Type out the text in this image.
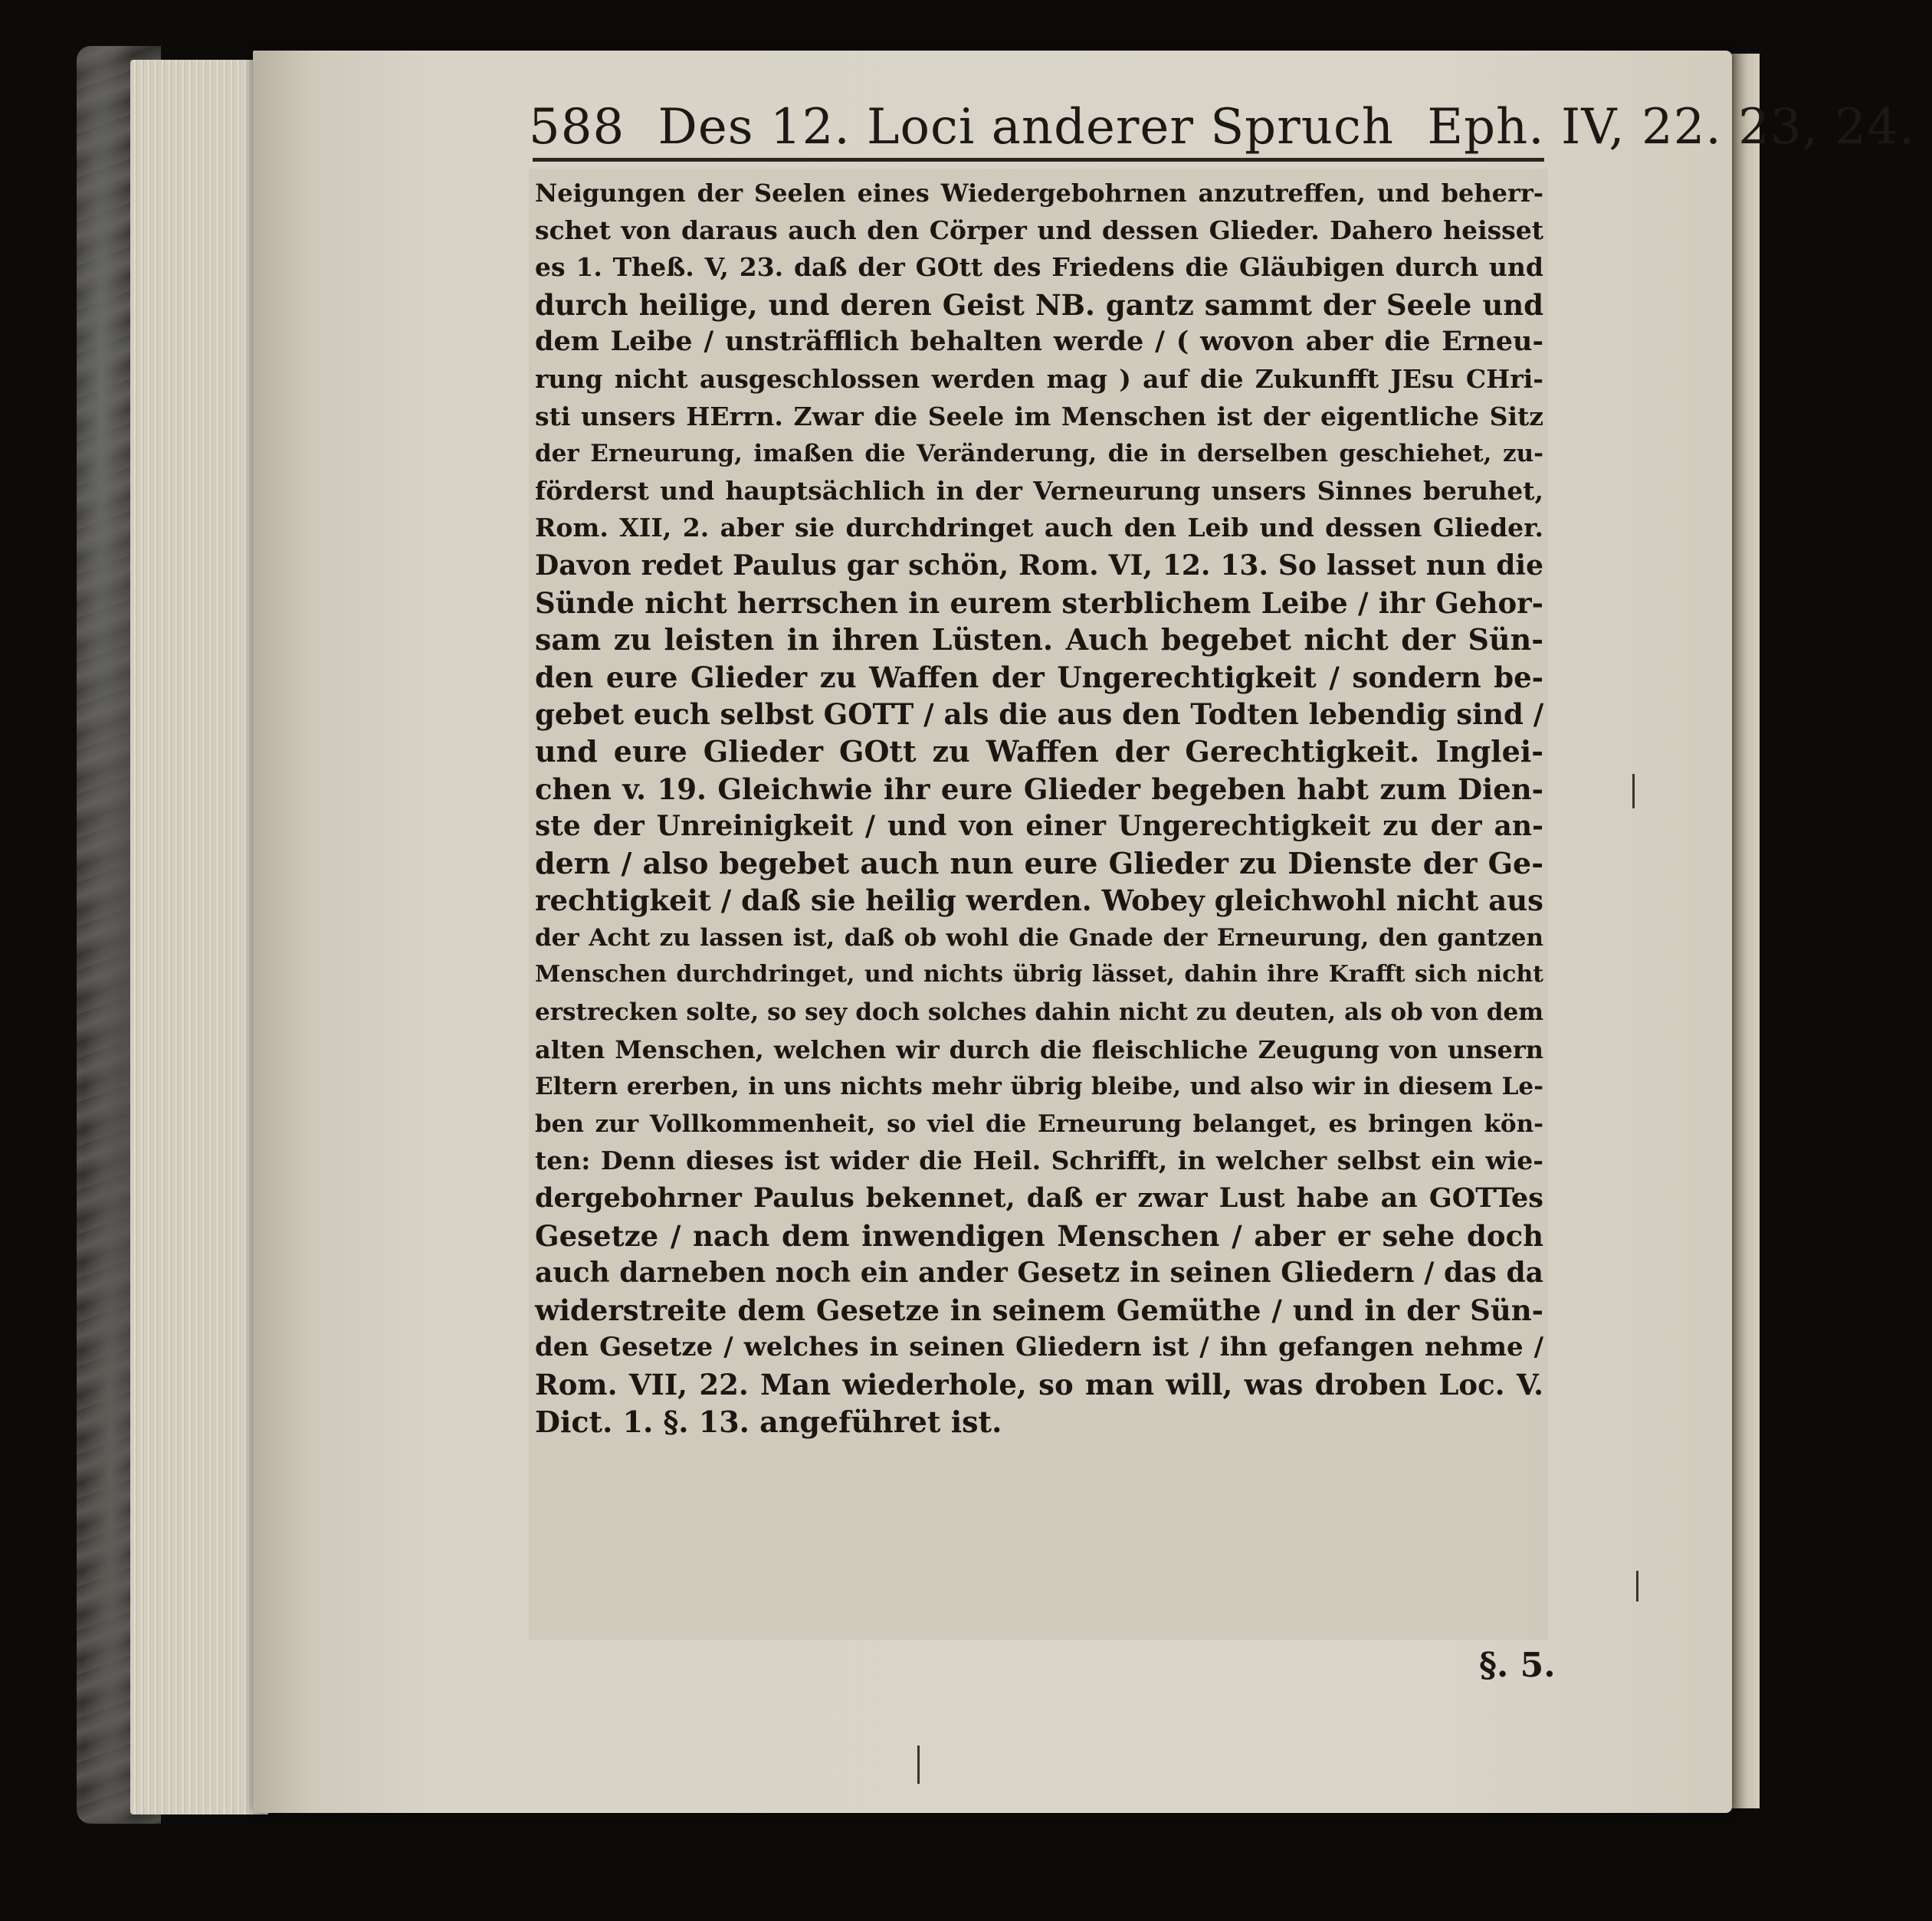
588 Des 12. Loci anderer Spruch Eph. IV, 22. 23, 24.
Neigungen der Seelen eines Wiedergebohrnen anzutreffen, und beherr-
schet von daraus auch den Cörper und dessen Glieder. Dahero heisset
es 1. Theß. V, 23. daß der GOtt des Friedens die Gläubigen durch und
durch heilige, und deren Geist NB. gantz sammt der Seele und
dem Leibe / unsträfflich behalten werde / ( wovon aber die Erneu-
rung nicht ausgeschlossen werden mag ) auf die Zukunfft JEsu CHri-
sti unsers HErrn. Zwar die Seele im Menschen ist der eigentliche Sitz
der Erneurung, imaßen die Veränderung, die in derselben geschiehet, zu-
förderst und hauptsächlich in der Verneurung unsers Sinnes beruhet,
Rom. XII, 2. aber sie durchdringet auch den Leib und dessen Glieder.
Davon redet Paulus gar schön, Rom. VI, 12. 13. So lasset nun die
Sünde nicht herrschen in eurem sterblichem Leibe / ihr Gehor-
sam zu leisten in ihren Lüsten. Auch begebet nicht der Sün-
den eure Glieder zu Waffen der Ungerechtigkeit / sondern be-
gebet euch selbst GOTT / als die aus den Todten lebendig sind /
und eure Glieder GOtt zu Waffen der Gerechtigkeit. Inglei-
chen v. 19. Gleichwie ihr eure Glieder begeben habt zum Dien-
ste der Unreinigkeit / und von einer Ungerechtigkeit zu der an-
dern / also begebet auch nun eure Glieder zu Dienste der Ge-
rechtigkeit / daß sie heilig werden. Wobey gleichwohl nicht aus
der Acht zu lassen ist, daß ob wohl die Gnade der Erneurung, den gantzen
Menschen durchdringet, und nichts übrig lässet, dahin ihre Krafft sich nicht
erstrecken solte, so sey doch solches dahin nicht zu deuten, als ob von dem
alten Menschen, welchen wir durch die fleischliche Zeugung von unsern
Eltern ererben, in uns nichts mehr übrig bleibe, und also wir in diesem Le-
ben zur Vollkommenheit, so viel die Erneurung belanget, es bringen kön-
ten: Denn dieses ist wider die Heil. Schrifft, in welcher selbst ein wie-
dergebohrner Paulus bekennet, daß er zwar Lust habe an GOTTes
Gesetze / nach dem inwendigen Menschen / aber er sehe doch
auch darneben noch ein ander Gesetz in seinen Gliedern / das da
widerstreite dem Gesetze in seinem Gemüthe / und in der Sün-
den Gesetze / welches in seinen Gliedern ist / ihn gefangen nehme /
Rom. VII, 22. Man wiederhole, so man will, was droben Loc. V.
Dict. 1. §. 13. angeführet ist.
§. 5.
